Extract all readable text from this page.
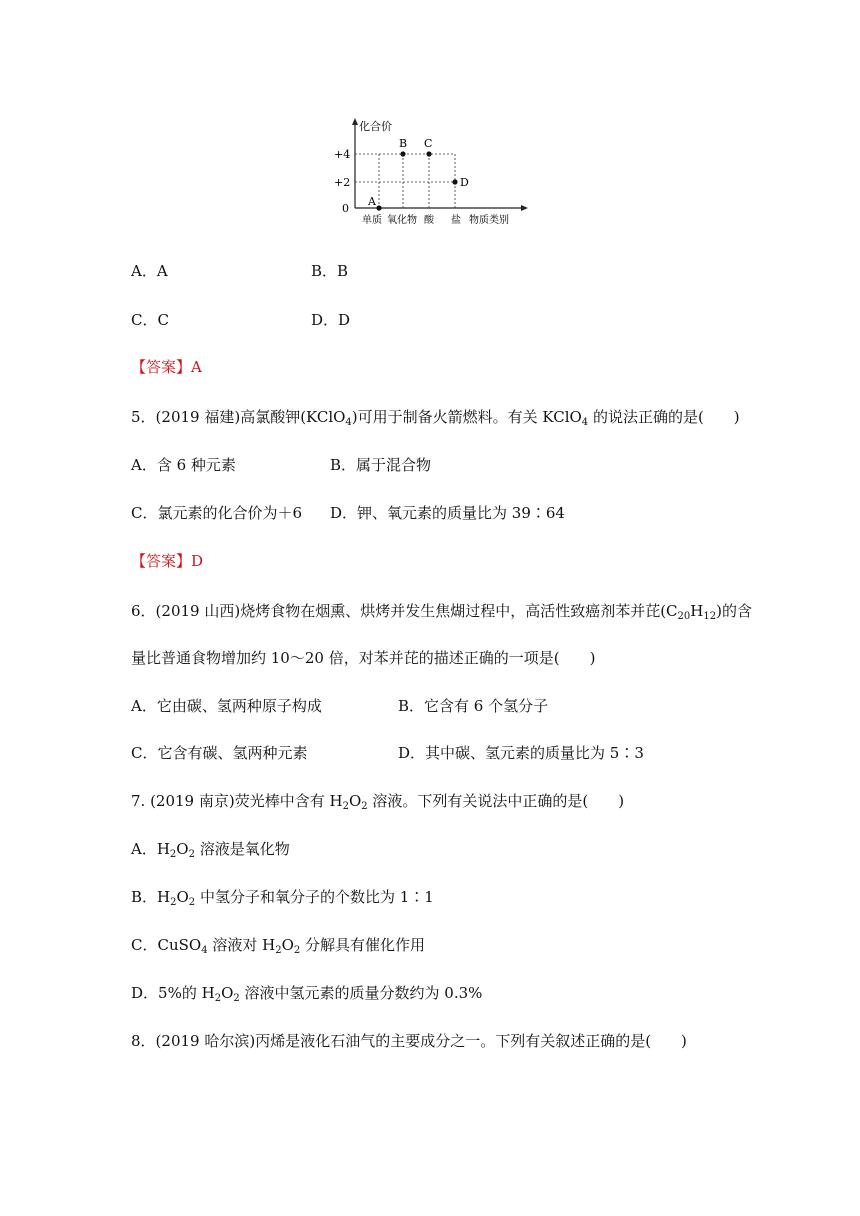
化合价
+4
+2
0
A
B C
D
单质 氧化物 酸 盐 物质类别
A．A	B．B
C．C	D．D
【答案】A
5．(2019 福建)高氯酸钾(KClO$_4$)可用于制备火箭燃料。有关 KClO$_4$ 的说法正确的是(　　)
A．含 6 种元素	B．属于混合物
C．氯元素的化合价为＋6 D．钾、氧元素的质量比为 39∶64
【答案】D
6．(2019 山西)烧烤食物在烟熏、烘烤并发生焦煳过程中，高活性致癌剂苯并芘$(C_{20}H_{12})$的含
量比普通食物增加约 10～20 倍，对苯并芘的描述正确的一项是(　　)
A．它由碳、氢两种原子构成	B．它含有 6 个氢分子
C．它含有碳、氢两种元素	D．其中碳、氢元素的质量比为 5∶3
7. (2019 南京)荧光棒中含有 $H_2O_2$ 溶液。下列有关说法中正确的是(　　)
A．$H_2O_2$ 溶液是氧化物
B．$H_2O_2$ 中氢分子和氧分子的个数比为 1∶1
C．CuSO$_4$ 溶液对 $H_2O_2$ 分解具有催化作用
D．5%的 $H_2O_2$ 溶液中氢元素的质量分数约为 0.3%
8．(2019 哈尔滨)丙烯是液化石油气的主要成分之一。下列有关叙述正确的是(　　)
